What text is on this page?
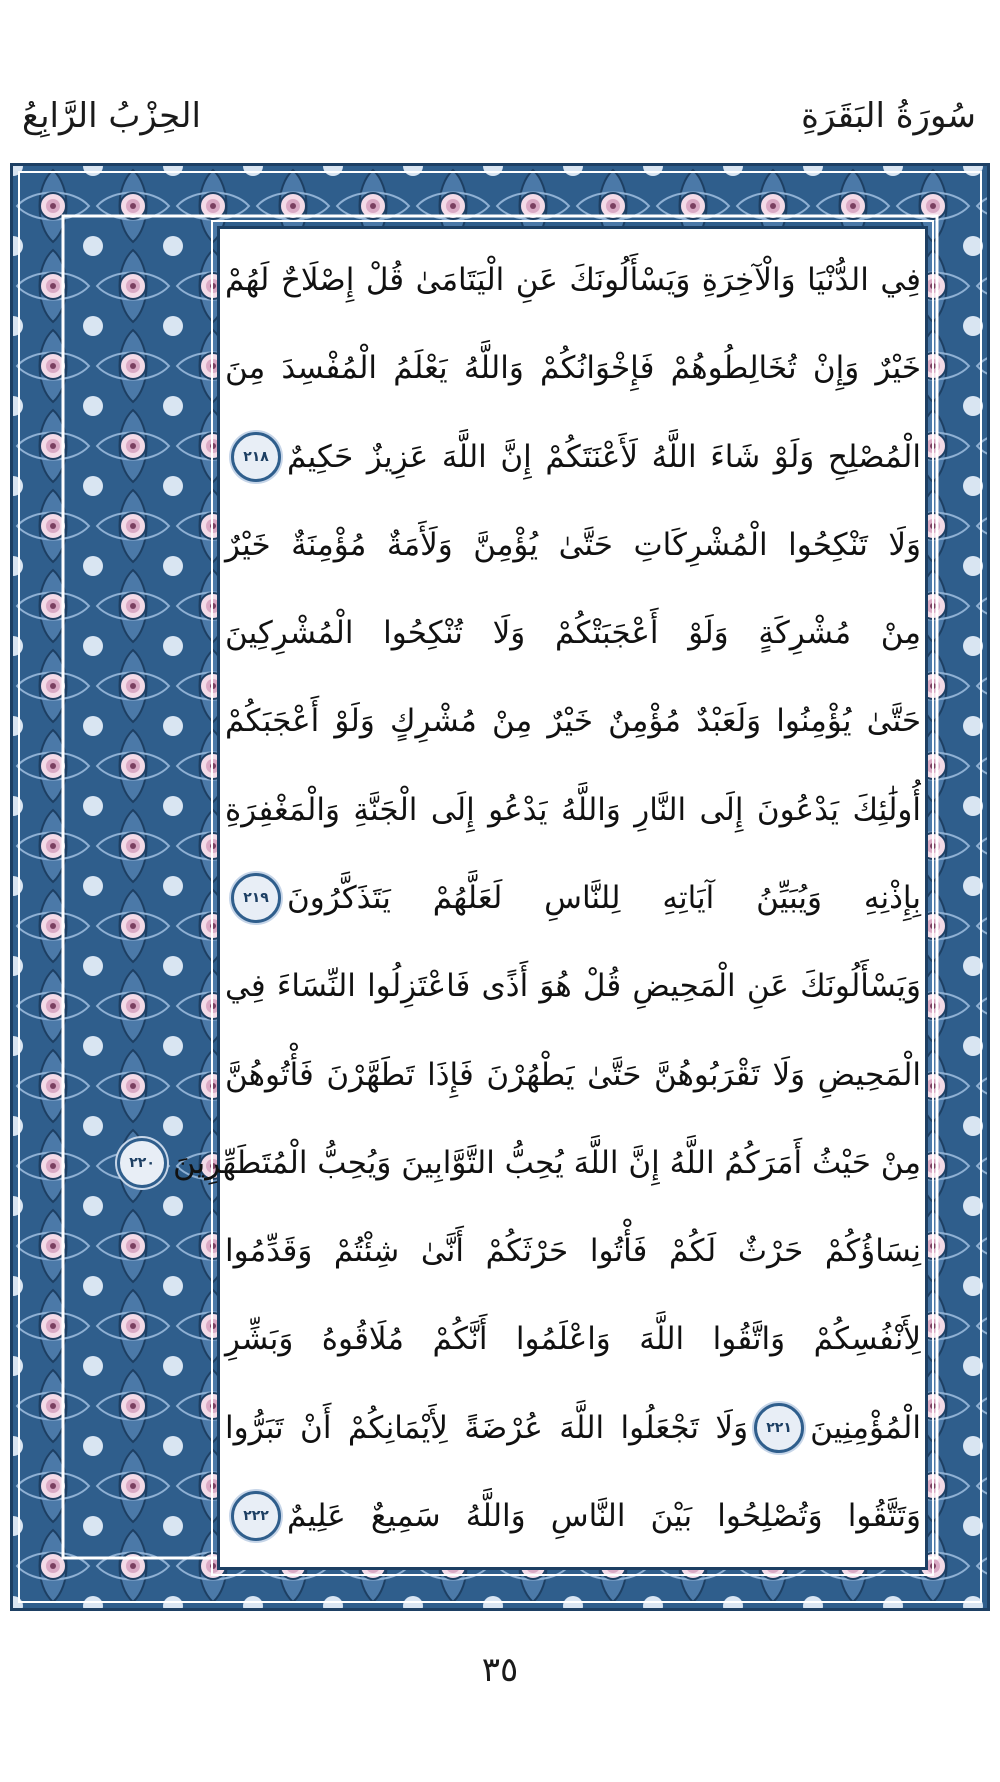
الحِزْبُ الرَّابِعُ	سُورَةُ البَقَرَةِ
فِي الدُّنْيَا وَالْآخِرَةِ وَيَسْأَلُونَكَ عَنِ الْيَتَامَىٰ قُلْ إِصْلَاحٌ لَهُمْ
خَيْرٌ وَإِنْ تُخَالِطُوهُمْ فَإِخْوَانُكُمْ وَاللَّهُ يَعْلَمُ الْمُفْسِدَ مِنَ
الْمُصْلِحِ وَلَوْ شَاءَ اللَّهُ لَأَعْنَتَكُمْ إِنَّ اللَّهَ عَزِيزٌ حَكِيمٌ
٢١٨
وَلَا تَنْكِحُوا الْمُشْرِكَاتِ حَتَّىٰ يُؤْمِنَّ وَلَأَمَةٌ مُؤْمِنَةٌ خَيْرٌ
مِنْ مُشْرِكَةٍ وَلَوْ أَعْجَبَتْكُمْ وَلَا تُنْكِحُوا الْمُشْرِكِينَ
حَتَّىٰ يُؤْمِنُوا وَلَعَبْدٌ مُؤْمِنٌ خَيْرٌ مِنْ مُشْرِكٍ وَلَوْ أَعْجَبَكُمْ
أُولَٰئِكَ يَدْعُونَ إِلَى النَّارِ وَاللَّهُ يَدْعُو إِلَى الْجَنَّةِ وَالْمَغْفِرَةِ
بِإِذْنِهِ وَيُبَيِّنُ آيَاتِهِ لِلنَّاسِ لَعَلَّهُمْ يَتَذَكَّرُونَ
٢١٩
وَيَسْأَلُونَكَ عَنِ الْمَحِيضِ قُلْ هُوَ أَذًى فَاعْتَزِلُوا النِّسَاءَ فِي
الْمَحِيضِ وَلَا تَقْرَبُوهُنَّ حَتَّىٰ يَطْهُرْنَ فَإِذَا تَطَهَّرْنَ فَأْتُوهُنَّ
مِنْ حَيْثُ أَمَرَكُمُ اللَّهُ إِنَّ اللَّهَ يُحِبُّ التَّوَّابِينَ وَيُحِبُّ الْمُتَطَهِّرِينَ
٢٢٠
نِسَاؤُكُمْ حَرْثٌ لَكُمْ فَأْتُوا حَرْثَكُمْ أَنَّىٰ شِئْتُمْ وَقَدِّمُوا
لِأَنْفُسِكُمْ وَاتَّقُوا اللَّهَ وَاعْلَمُوا أَنَّكُمْ مُلَاقُوهُ وَبَشِّرِ
الْمُؤْمِنِينَ
٢٢١
وَلَا تَجْعَلُوا اللَّهَ عُرْضَةً لِأَيْمَانِكُمْ أَنْ تَبَرُّوا
وَتَتَّقُوا وَتُصْلِحُوا بَيْنَ النَّاسِ وَاللَّهُ سَمِيعٌ عَلِيمٌ
٢٢٢
٣٥
